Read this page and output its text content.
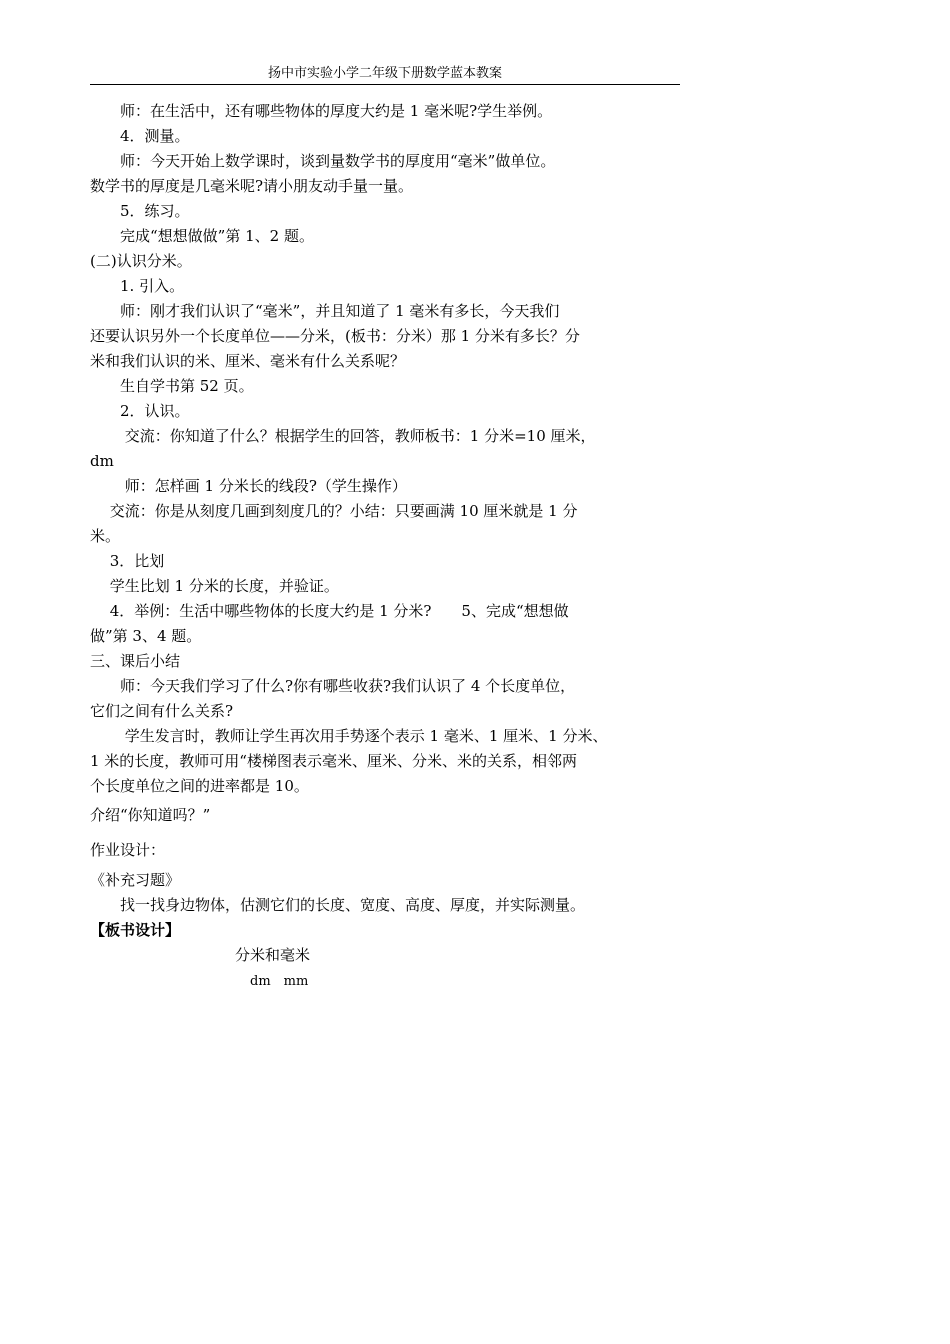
扬中市实验小学二年级下册数学蓝本教案
　　师：在生活中，还有哪些物体的厚度大约是 1 毫米呢?学生举例。
　　4．测量。
　　师：今天开始上数学课时，谈到量数学书的厚度用“毫米”做单位。
数学书的厚度是几毫米呢?请小朋友动手量一量。
　　5．练习。
　　完成“想想做做”第 1、2 题。
(二)认识分米。
　　1. 引入。
　　师：刚才我们认识了“毫米”，并且知道了 1 毫米有多长，今天我们
还要认识另外一个长度单位——分米，(板书：分米）那 1 分米有多长？分
米和我们认识的米、厘米、毫米有什么关系呢？
　　生自学书第 52 页。
　　2．认识。
　　 交流：你知道了什么？根据学生的回答，教师板书：1 分米=10 厘米，
dm
　　 师：怎样画 1 分米长的线段?（学生操作）
　 交流：你是从刻度几画到刻度几的？小结：只要画满 10 厘米就是 1 分
米。
　 3．比划
　 学生比划 1 分米的长度，并验证。
　 4．举例：生活中哪些物体的长度大约是 1 分米?　　5、完成“想想做
做”第 3、4 题。
三、课后小结
　　师：今天我们学习了什么?你有哪些收获?我们认识了 4 个长度单位，
它们之间有什么关系?
　　 学生发言时，教师让学生再次用手势逐个表示 1 毫米、1 厘米、1 分米、
1 米的长度，教师可用“楼梯图表示毫米、厘米、分米、米的关系，相邻两
个长度单位之间的进率都是 10。
介绍“你知道吗？”
作业设计：
《补充习题》
　　找一找身边物体，估测它们的长度、宽度、高度、厚度，并实际测量。
【板书设计】
分米和毫米
dm　mm
